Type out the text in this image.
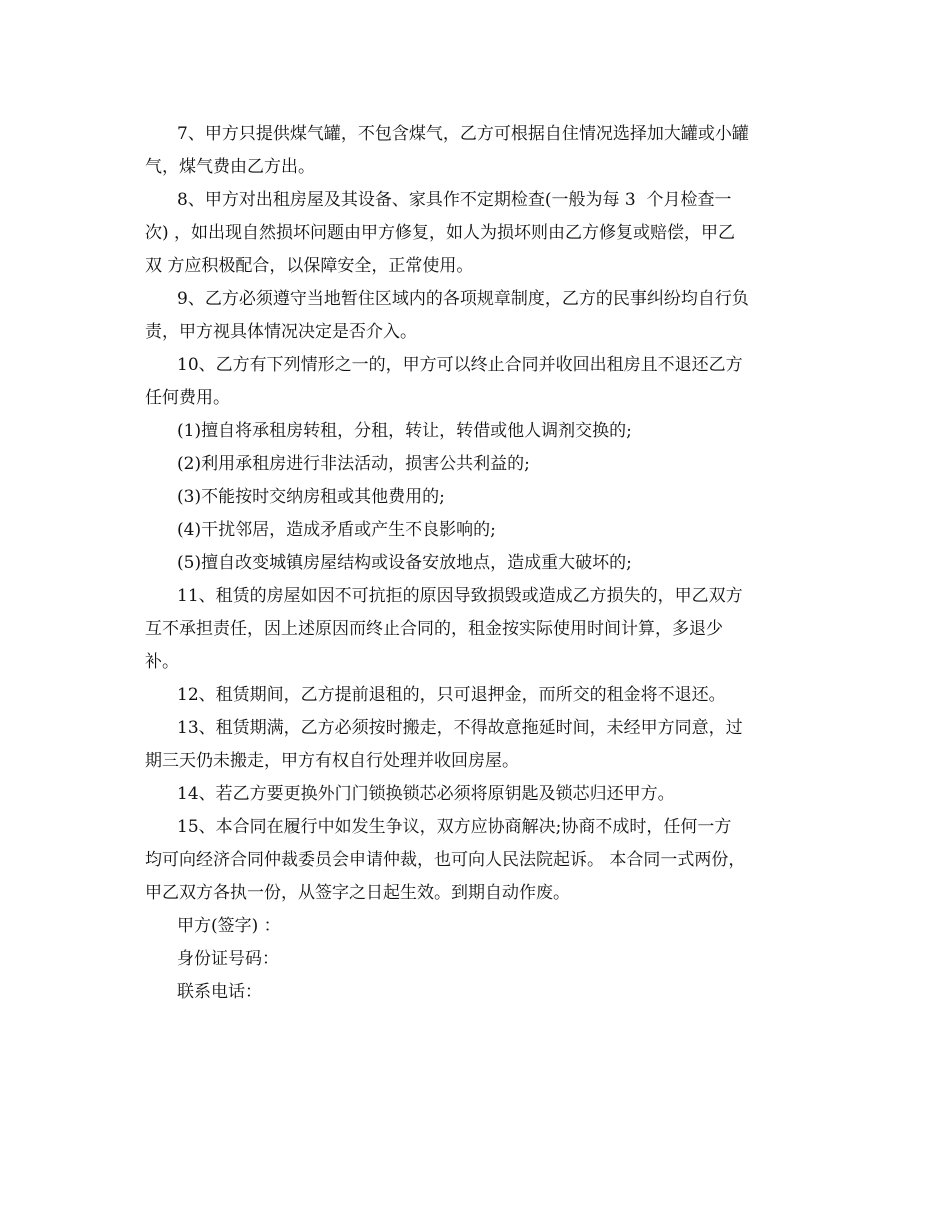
7、甲方只提供煤气罐，不包含煤气，乙方可根据自住情况选择加大罐或小罐

气，煤气费由乙方出。

8、甲方对出租房屋及其设备、家具作不定期检查(一般为每 3  个月检查一

次) ，如出现自然损坏问题由甲方修复，如人为损坏则由乙方修复或赔偿，甲乙

双 方应积极配合，以保障安全，正常使用。

9、乙方必须遵守当地暂住区域内的各项规章制度，乙方的民事纠纷均自行负

责，甲方视具体情况决定是否介入。

10、乙方有下列情形之一的，甲方可以终止合同并收回出租房且不退还乙方

任何费用。

(1)擅自将承租房转租，分租，转让，转借或他人调剂交换的;

(2)利用承租房进行非法活动，损害公共利益的;

(3)不能按时交纳房租或其他费用的;

(4)干扰邻居，造成矛盾或产生不良影响的;

(5)擅自改变城镇房屋结构或设备安放地点，造成重大破坏的;

11、租赁的房屋如因不可抗拒的原因导致损毁或造成乙方损失的，甲乙双方

互不承担责任，因上述原因而终止合同的，租金按实际使用时间计算，多退少

补。

12、租赁期间，乙方提前退租的，只可退押金，而所交的租金将不退还。

13、租赁期满，乙方必须按时搬走，不得故意拖延时间，未经甲方同意，过

期三天仍未搬走，甲方有权自行处理并收回房屋。

14、若乙方要更换外门门锁换锁芯必须将原钥匙及锁芯归还甲方。

15、本合同在履行中如发生争议，双方应协商解决;协商不成时，任何一方

均可向经济合同仲裁委员会申请仲裁，也可向人民法院起诉。 本合同一式两份，

甲乙双方各执一份，从签字之日起生效。到期自动作废。

甲方(签字) ：

身份证号码：

联系电话：
